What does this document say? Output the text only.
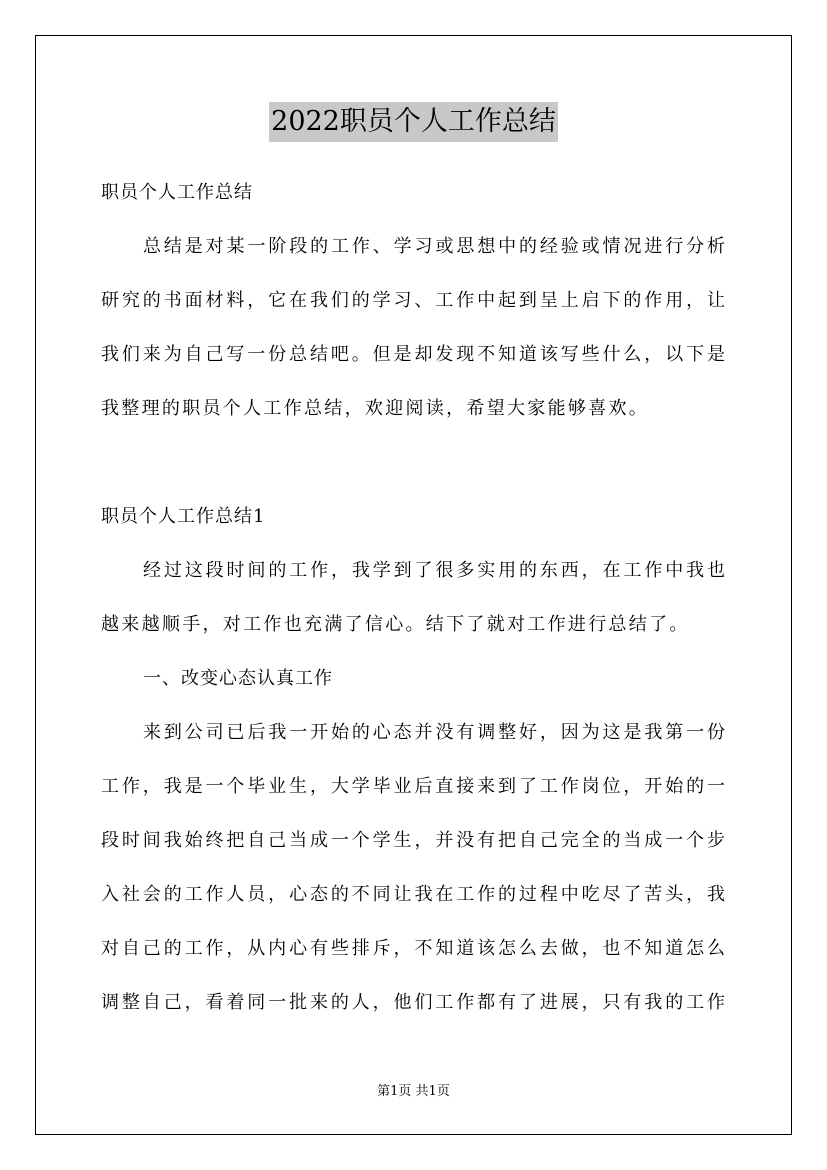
2022职员个人工作总结
职员个人工作总结
总结是对某一阶段的工作、学习或思想中的经验或情况进行分析
研究的书面材料，它在我们的学习、工作中起到呈上启下的作用，让
我们来为自己写一份总结吧。但是却发现不知道该写些什么，以下是
我整理的职员个人工作总结，欢迎阅读，希望大家能够喜欢。
职员个人工作总结1
经过这段时间的工作，我学到了很多实用的东西，在工作中我也
越来越顺手，对工作也充满了信心。结下了就对工作进行总结了。
一、改变心态认真工作
来到公司已后我一开始的心态并没有调整好，因为这是我第一份
工作，我是一个毕业生，大学毕业后直接来到了工作岗位，开始的一
段时间我始终把自己当成一个学生，并没有把自己完全的当成一个步
入社会的工作人员，心态的不同让我在工作的过程中吃尽了苦头，我
对自己的工作，从内心有些排斥，不知道该怎么去做，也不知道怎么
调整自己，看着同一批来的人，他们工作都有了进展，只有我的工作
第1页 共1页
